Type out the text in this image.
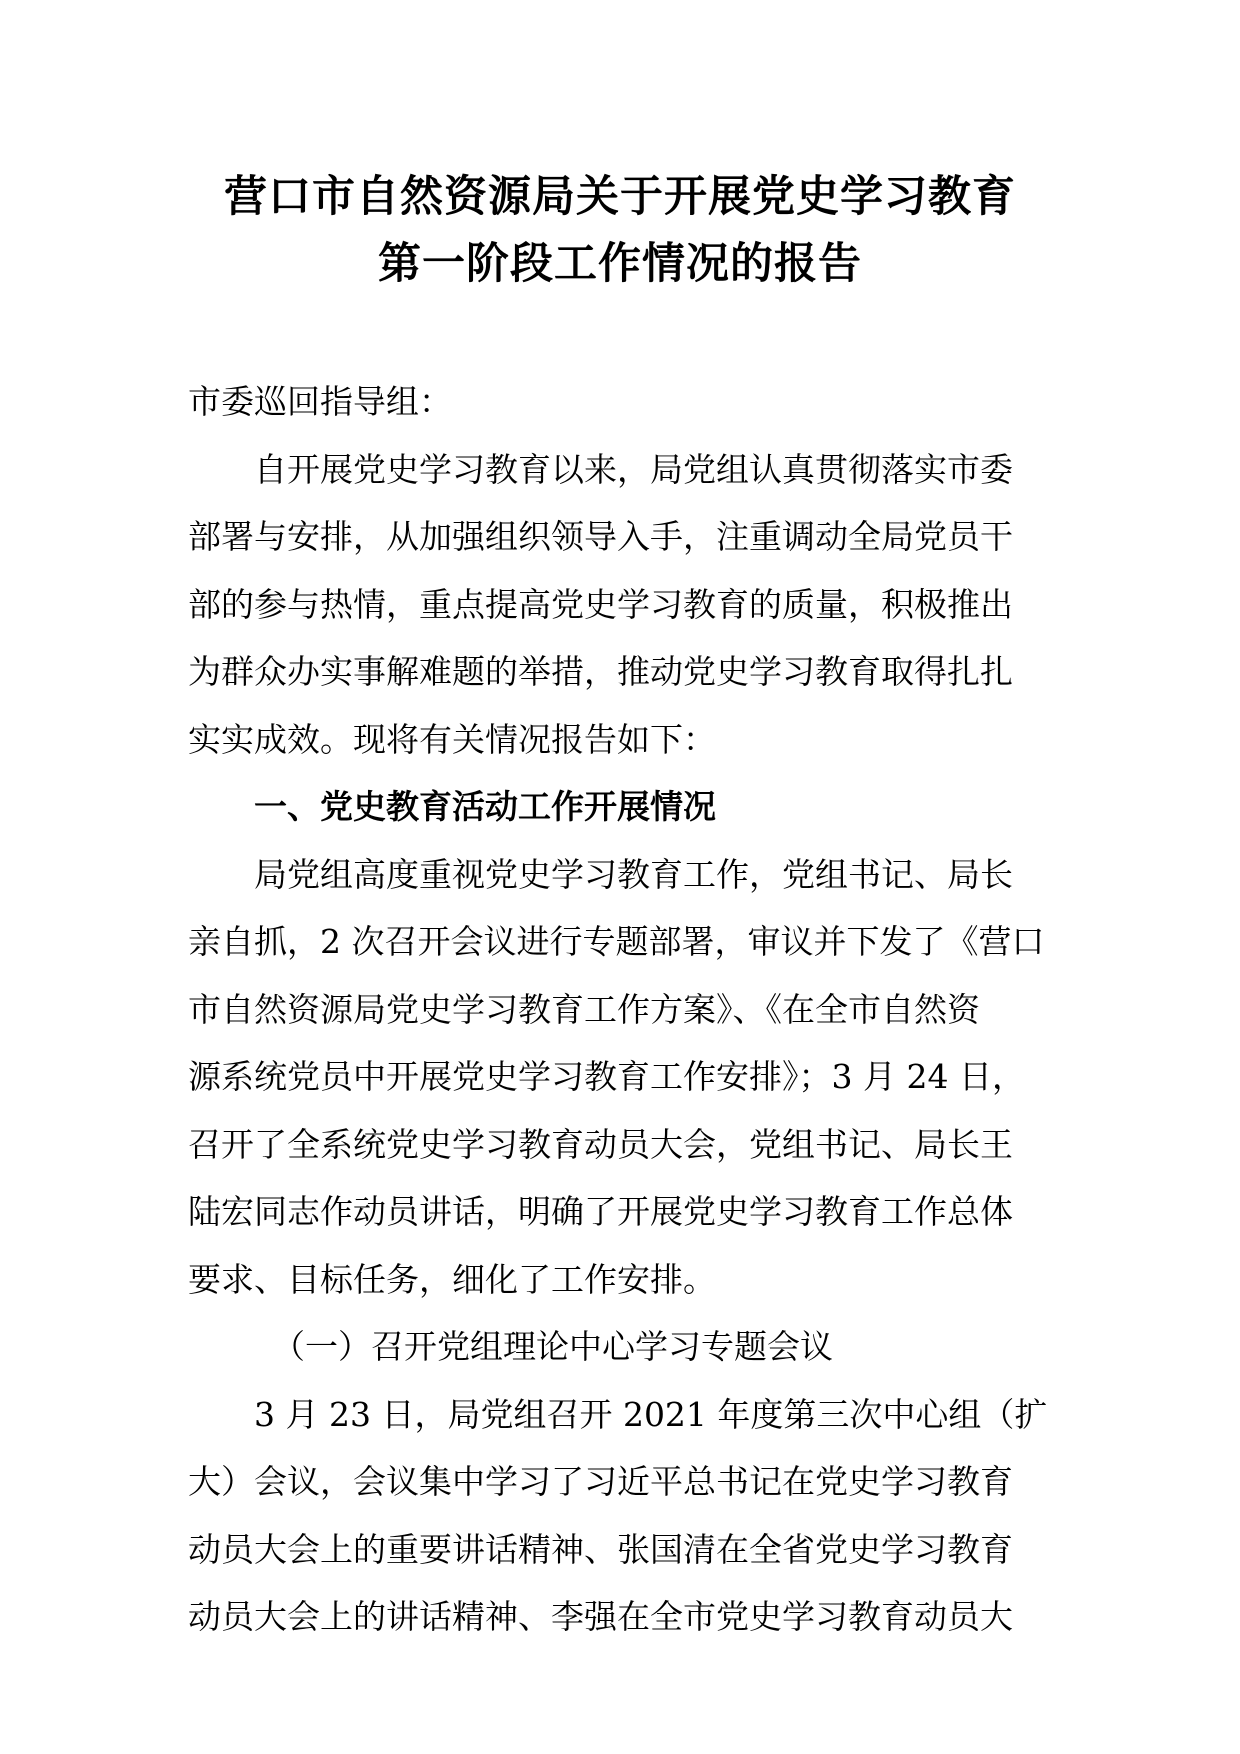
营口市自然资源局关于开展党史学习教育
第一阶段工作情况的报告
市委巡回指导组：
自开展党史学习教育以来，局党组认真贯彻落实市委
部署与安排，从加强组织领导入手，注重调动全局党员干
部的参与热情，重点提高党史学习教育的质量，积极推出
为群众办实事解难题的举措，推动党史学习教育取得扎扎
实实成效。现将有关情况报告如下：
一、党史教育活动工作开展情况
局党组高度重视党史学习教育工作，党组书记、局长
亲自抓，2 次召开会议进行专题部署，审议并下发了《营口
市自然资源局党史学习教育工作方案》、《在全市自然资
源系统党员中开展党史学习教育工作安排》；3 月 24 日，
召开了全系统党史学习教育动员大会，党组书记、局长王
陆宏同志作动员讲话，明确了开展党史学习教育工作总体
要求、目标任务，细化了工作安排。
（一）召开党组理论中心学习专题会议
3 月 23 日，局党组召开 2021 年度第三次中心组（扩
大）会议，会议集中学习了习近平总书记在党史学习教育
动员大会上的重要讲话精神、张国清在全省党史学习教育
动员大会上的讲话精神、李强在全市党史学习教育动员大
